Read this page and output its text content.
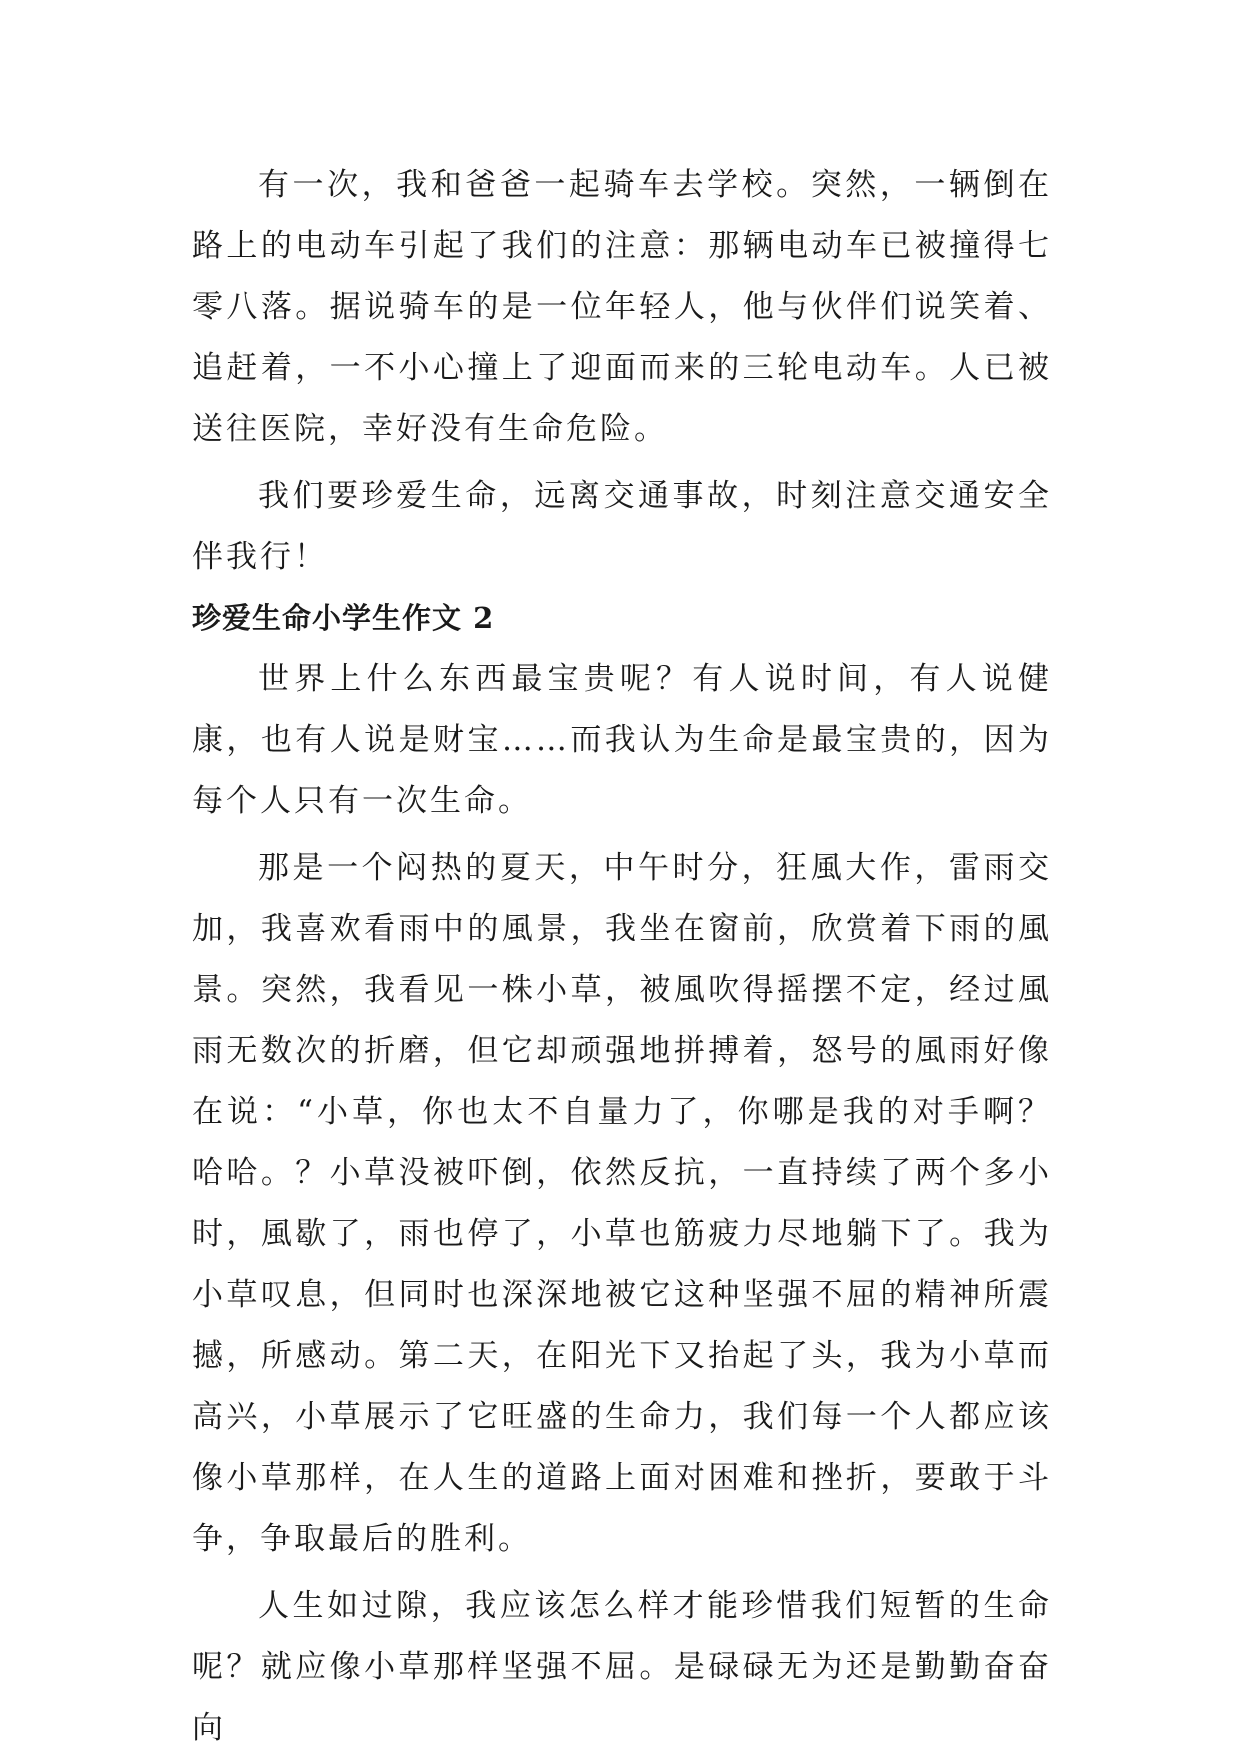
有一次，我和爸爸一起骑车去学校。突然，一辆倒在路上的电动车引起了我们的注意：那辆电动车已被撞得七零八落。据说骑车的是一位年轻人，他与伙伴们说笑着、追赶着，一不小心撞上了迎面而来的三轮电动车。人已被送往医院，幸好没有生命危险。

我们要珍爱生命，远离交通事故，时刻注意交通安全伴我行！

珍爱生命小学生作文 2

世界上什么东西最宝贵呢？有人说时间，有人说健康，也有人说是财宝……而我认为生命是最宝贵的，因为每个人只有一次生命。

那是一个闷热的夏天，中午时分，狂風大作，雷雨交加，我喜欢看雨中的風景，我坐在窗前，欣赏着下雨的風景。突然，我看见一株小草，被風吹得摇摆不定，经过風雨无数次的折磨，但它却顽强地拼搏着，怒号的風雨好像在说：“小草，你也太不自量力了，你哪是我的对手啊？哈哈。？小草没被吓倒，依然反抗，一直持续了两个多小时，風歇了，雨也停了，小草也筋疲力尽地躺下了。我为小草叹息，但同时也深深地被它这种坚强不屈的精神所震撼，所感动。第二天，在阳光下又抬起了头，我为小草而高兴，小草展示了它旺盛的生命力，我们每一个人都应该像小草那样，在人生的道路上面对困难和挫折，要敢于斗争，争取最后的胜利。

人生如过隙，我应该怎么样才能珍惜我们短暂的生命呢？就应像小草那样坚强不屈。是碌碌无为还是勤勤奋奋向
